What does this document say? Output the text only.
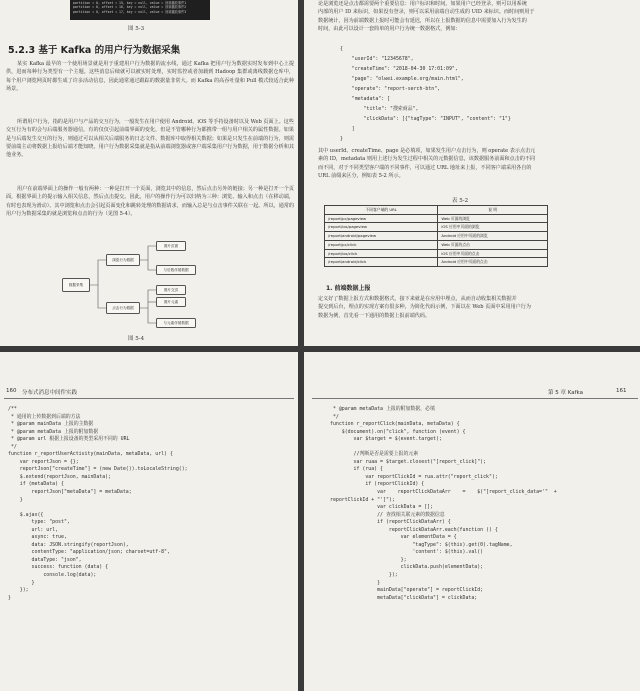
partition = 0, offset = 15, key = null, value = 视频播放事件1
partition = 0, offset = 16, key = null, value = 视频播放事件2
partition = 0, offset = 17, key = null, value = 视频播放事件3
图 5-3
5.2.3 基于 Kafka 的用户行为数据采集
某实 Kafka 最早的一个使用场景就是用于重建用户行为数据的流水线，通过 Kafka 把用户行为数据实时发布到中心上提供，进而每种行为类型有一个主题。这些消息后续就可以被实时处理，实时监控或者加载到 Hadoop 集群或离线数据仓库中，每个用户浏览网页时都生成了许多活动信息，因此通常通过跟踪的数据量非常大。而 Kafka 的高吞吐量和 Pull 模式较适合此种场景。
所谓用户行为，指的是用户与产品的交互行为，一般发生在用户使用 Android、iOS 等手持设备时以及 Web 页面上。这些交互行为有的会与后端服务器通信，有的仅仅引起前端界面的变化，但是不管哪种行为都携带一组与用户相关的属性数据。如果是与后端发生交互的行为，则通过可以从相关后端服务的日志文件、数据库中取得相关数据；如果是只发生在前端的行为，则需要前端主动将数据上报给后端才能知晓。用户行为数据采集就是指从前端浏览器或客户端采集用户行为数据，用于数据分析和其他业务。
用户在前端界面上的操作一般有两种：一种是打开一个页面，浏览其中的信息，然后点击另外的链接；另一种是打开一个页面，根据界面上的提示输入相关信息，然后点击提交。因此，用户的操作行为可以归纳为三种：浏览、输入和点击（在移动端，有时也表现为滑动）。其中浏览和点击会引起页面变化和跳转处理的数据请求，而输入总是与点击事件关联在一起。所以，通常的用户行为数据采集的就是浏览和点击的行为（见图 5-4）。
数据采集
浏览行为数据
点击行为数据
图片页面
与后数伴援数据
图片交页
图片元素
与元素伴援数据
图 5-4
论是浏览还是点击都需要两个重要信息：用户标识和时间。如果用户已经登录，则可以用系统
内部的用户 ID 来标识，如果没有登录，则可以采用前端自动生成的 UID 来标识。而时间则用于
数据统计，因为前端数据上报时可能会有延迟，所以在上报数据的信息中需要加入行为发生的
时间，由此可以设计一套简单的用户行为统一数据格式，例如：
{
"userId": "12345678",
"createTime": "2018-04-30 17:01:09",
"page": "olwei.example.org/main.html",
"operate": "report-serch-btn",
"metadata": [
"title": "搜索商品",
"clickData": [{"tagType": "INPUT", "content": "1"}
]
}
其中 userId、createTime、page 是必填项，如果发生用户点击行为，则 operate 表示点击元
素的 ID，metadata 则用上述行为发生过程中相关的元数据信息，该数据服务前面和点击的不同
而不同，对于不同类型客户端的不同事件，可以通过 URL 地址来上报，不同客户端采用各自的
URL 前缀来区分，例如表 5-2 所示。
表 5-2
不同客户端的 URL	说 明
/report/pc/pageview	Web 页面的浏览
/report/ios/pageview	iOS 应用中页面的浏览
/report/android/pageview	Android 应用中页面的浏览
/report/pc/click	Web 页面的点击
/report/ios/click	iOS 应用中页面的点击
/report/android/click	Android 应用中页面的点击
1. 前端数据上报
定义好了数据上报方式和数据格式，接下来就是在应用中埋点，从而自动收集相关数据并
提交到后台，埋点的实现方案有很多种，为简化代码示例，下面以在 Web 页面中采用用户行为
数据为例，首先看一下通用的数据上报前端代码。
160 分布式消息中间件实践
/**
* 通用的上传数据到后端的方法
* @param mainData 上报的主数据
* @param metaData 上报的附加数据
* @param url 根据上报设备的类型采用不同的 URL
*/
function r_reportUserActivity(mainData, metaData, url) {
var reportJson = {};
reportJson["createTime"] = (new Date()).toLocaleString();
$.extend(reportJson, mainData);
if (metaData) {
reportJson["metaData"] = metaData;
}

$.ajax({
type: "post",
url: url,
async: true,
data: JSON.stringify(reportJson),
contentType: "application/json; charset=utf-8",
dataType: "json",
success: function (data) {
console.log(data);
}
});
}
第 5 章 Kafka	161
* @param metaData 上报的附加数据，必填
*/
function r_reportClick(mainData, metaData) {
$(document).on("click", function (event) {
var $target = $(event.target);

//判断是否是需要上报的元素
var ruaa = $target.closest("[report_click]");
if (rua) {
var reportClickId = rua.attr("report_click");
if (reportClickId) {
var    reportClickDataArr    =    $("[report_click_data='"  +
reportClickId + "']");
var clickData = [];
// 查找相关联元素的数据信息
if (reportClickDataArr) {
reportClickDataArr.each(function () {
var elementData = {
"tagType": $(this).get(0).tagName,
'content': $(this).val()
};
clickData.push(elementData);
});
}
mainData["operate"] = reportClickId;
metaData["clickData"] = clickData;
